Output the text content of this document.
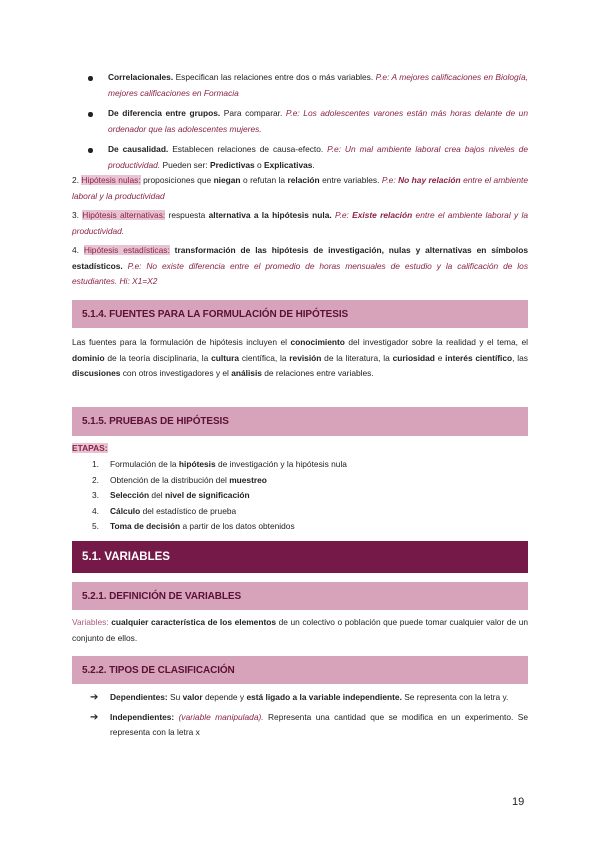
Correlacionales. Especifican las relaciones entre dos o más variables. P.e: A mejores calificaciones en Biología, mejores calificaciones en Formacia
De diferencia entre grupos. Para comparar. P.e: Los adolescentes varones están más horas delante de un ordenador que las adolescentes mujeres.
De causalidad. Establecen relaciones de causa-efecto. P.e: Un mal ambiente laboral crea bajos niveles de productividad. Pueden ser: Predictivas o Explicativas.
2. Hipótesis nulas: proposiciones que niegan o refutan la relación entre variables. P.e: No hay relación entre el ambiente laboral y la productividad
3. Hipótesis alternativas: respuesta alternativa a la hipótesis nula. P.e: Existe relación entre el ambiente laboral y la productividad.
4. Hipótesis estadísticas: transformación de las hipótesis de investigación, nulas y alternativas en símbolos estadísticos. P.e: No existe diferencia entre el promedio de horas mensuales de estudio y la calificación de los estudiantes. Hi: X1=X2
5.1.4. FUENTES PARA LA FORMULACIÓN DE HIPÓTESIS
Las fuentes para la formulación de hipótesis incluyen el conocimiento del investigador sobre la realidad y el tema, el dominio de la teoría disciplinaria, la cultura científica, la revisión de la literatura, la curiosidad e interés científico, las discusiones con otros investigadores y el análisis de relaciones entre variables.
5.1.5. PRUEBAS DE HIPÓTESIS
ETAPAS:
1. Formulación de la hipótesis de investigación y la hipótesis nula
2. Obtención de la distribución del muestreo
3. Selección del nivel de significación
4. Cálculo del estadístico de prueba
5. Toma de decisión a partir de los datos obtenidos
5.1. VARIABLES
5.2.1. DEFINICIÓN DE VARIABLES
Variables: cualquier característica de los elementos de un colectivo o población que puede tomar cualquier valor de un conjunto de ellos.
5.2.2. TIPOS DE CLASIFICACIÓN
➔ Dependientes: Su valor depende y está ligado a la variable independiente. Se representa con la letra y.
➔ Independientes: (variable manipulada). Representa una cantidad que se modifica en un experimento. Se representa con la letra x
19
